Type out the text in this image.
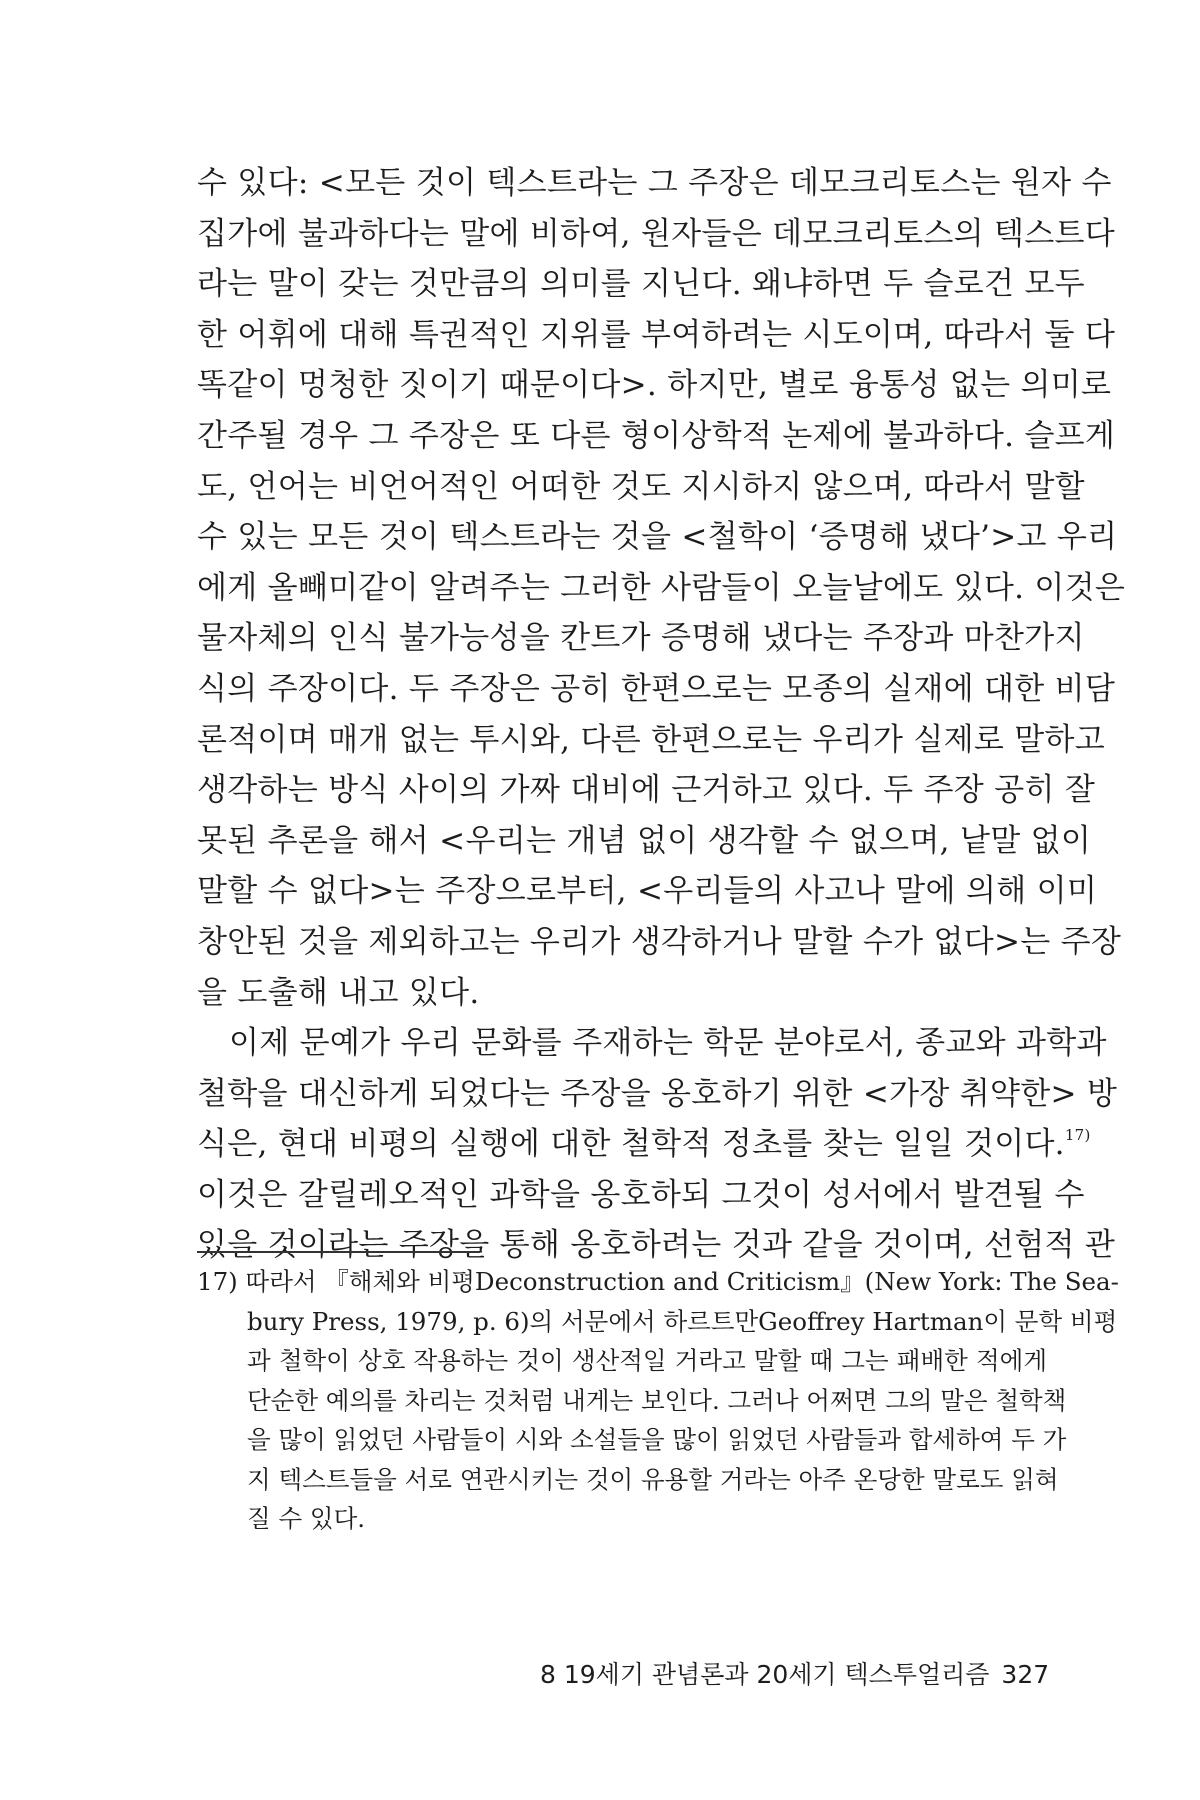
수 있다: <모든 것이 텍스트라는 그 주장은 데모크리토스는 원자 수
집가에 불과하다는 말에 비하여, 원자들은 데모크리토스의 텍스트다
라는 말이 갖는 것만큼의 의미를 지닌다. 왜냐하면 두 슬로건 모두
한 어휘에 대해 특권적인 지위를 부여하려는 시도이며, 따라서 둘 다
똑같이 멍청한 짓이기 때문이다>. 하지만, 별로 융통성 없는 의미로
간주될 경우 그 주장은 또 다른 형이상학적 논제에 불과하다. 슬프게
도, 언어는 비언어적인 어떠한 것도 지시하지 않으며, 따라서 말할
수 있는 모든 것이 텍스트라는 것을 <철학이 ‘증명해 냈다’>고 우리
에게 올빼미같이 알려주는 그러한 사람들이 오늘날에도 있다. 이것은
물자체의 인식 불가능성을 칸트가 증명해 냈다는 주장과 마찬가지
식의 주장이다. 두 주장은 공히 한편으로는 모종의 실재에 대한 비담
론적이며 매개 없는 투시와, 다른 한편으로는 우리가 실제로 말하고
생각하는 방식 사이의 가짜 대비에 근거하고 있다. 두 주장 공히 잘
못된 추론을 해서 <우리는 개념 없이 생각할 수 없으며, 낱말 없이
말할 수 없다>는 주장으로부터, <우리들의 사고나 말에 의해 이미
창안된 것을 제외하고는 우리가 생각하거나 말할 수가 없다>는 주장
을 도출해 내고 있다.
이제 문예가 우리 문화를 주재하는 학문 분야로서, 종교와 과학과
철학을 대신하게 되었다는 주장을 옹호하기 위한 <가장 취약한> 방
식은, 현대 비평의 실행에 대한 철학적 정초를 찾는 일일 것이다.$^{17)}$
이것은 갈릴레오적인 과학을 옹호하되 그것이 성서에서 발견될 수
있을 것이라는 주장을 통해 옹호하려는 것과 같을 것이며, 선험적 관
17) 따라서 『해체와 비평Deconstruction and Criticism』(New York: The Sea-
bury Press, 1979, p. 6)의 서문에서 하르트만Geoffrey Hartman이 문학 비평
과 철학이 상호 작용하는 것이 생산적일 거라고 말할 때 그는 패배한 적에게
단순한 예의를 차리는 것처럼 내게는 보인다. 그러나 어쩌면 그의 말은 철학책
을 많이 읽었던 사람들이 시와 소설들을 많이 읽었던 사람들과 합세하여 두 가
지 텍스트들을 서로 연관시키는 것이 유용할 거라는 아주 온당한 말로도 읽혀
질 수 있다.
8 19세기 관념론과 20세기 텍스투얼리즘 327
